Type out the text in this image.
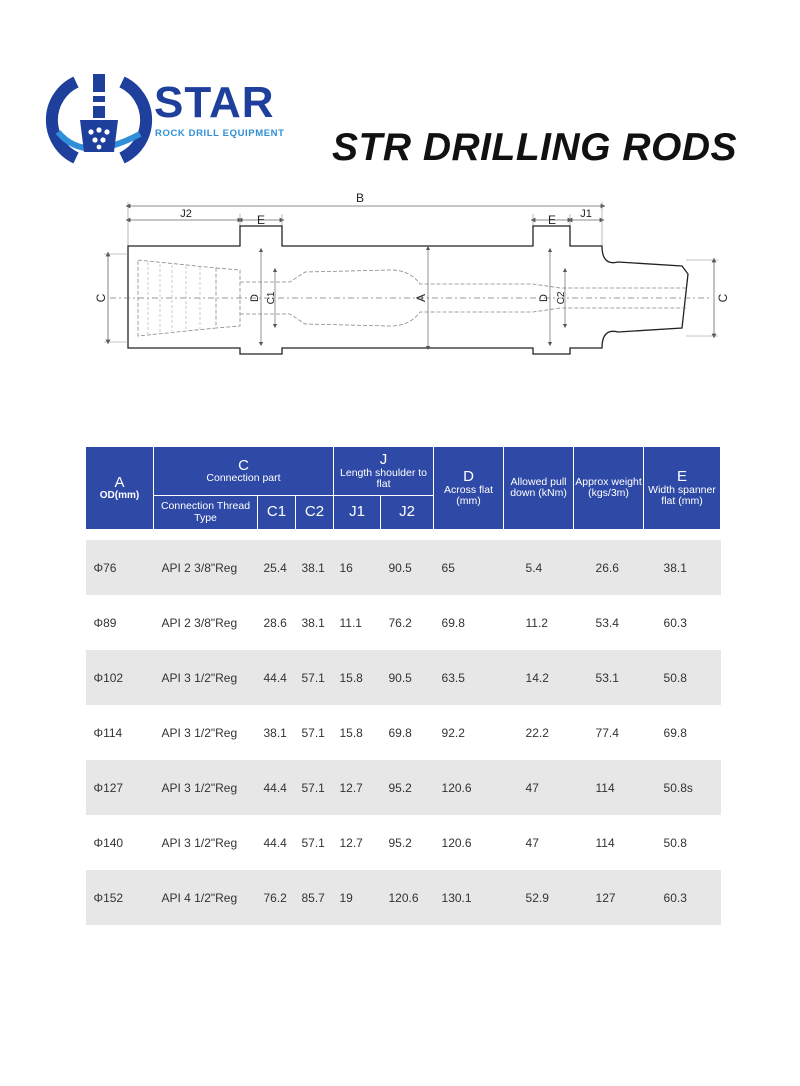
STAR
ROCK DRILL EQUIPMENT STR DRILLING RODS
B
J2	E	E J1
C	D C1	A	D C2	C
A
OD(mm)	C
Connection part			J
Length shoulder to flat		D
Across flat (mm)	Allowed pull down (kNm)	Approx weight (kgs/3m)	E
Width spanner flat (mm)

	Connection Thread Type	C1	C2	J1	J2				

Φ76	API 2 3/8"Reg	25.4	38.1	16	90.5	65	5.4	26.6	38.1
Φ89	API 2 3/8"Reg	28.6	38.1	11.1	76.2	69.8	11.2	53.4	60.3
Φ102	API 3 1/2"Reg	44.4	57.1	15.8	90.5	63.5	14.2	53.1	50.8
Φ114	API 3 1/2"Reg	38.1	57.1	15.8	69.8	92.2	22.2	77.4	69.8
Φ127	API 3 1/2"Reg	44.4	57.1	12.7	95.2	120.6	47	114	50.8s
Φ140	API 3 1/2"Reg	44.4	57.1	12.7	95.2	120.6	47	114	50.8
Φ152	API 4 1/2"Reg	76.2	85.7	19	120.6	130.1	52.9	127	60.3
